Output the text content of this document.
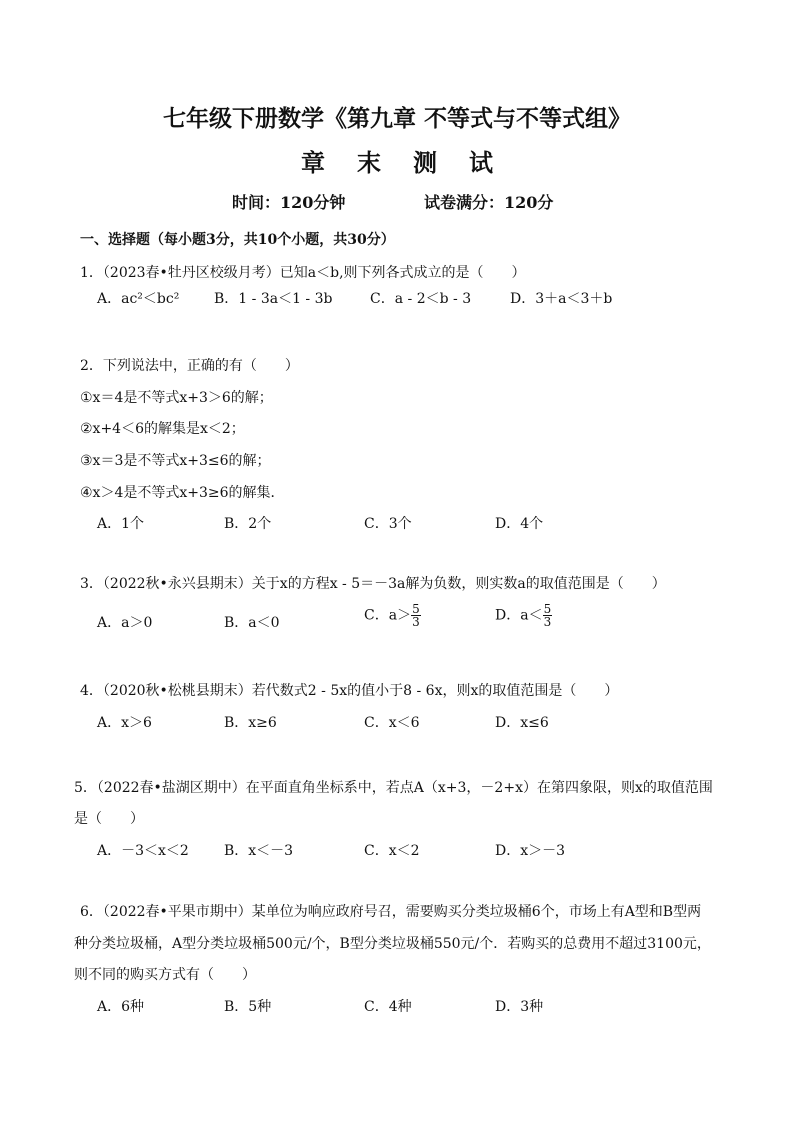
七年级下册数学《第九章 不等式与不等式组》
章末测试
时间：120分钟	试卷满分：120分
一、选择题（每小题3分，共10个小题，共30分）
1．（2023春•牡丹区校级月考）已知a＜b,则下列各式成立的是（　　）
A．ac²＜bc² B．1 - 3a＜1 - 3b	C．a - 2＜b - 3	D．3＋a＜3＋b
2．下列说法中，正确的有（　　）
①x＝4是不等式x+3＞6的解；
②x+4＜6的解集是x＜2；
③x＝3是不等式x+3≤6的解；
④x＞4是不等式x+3≥6的解集．
A．1个	B．2个	C．3个	D．4个
3．（2022秋•永兴县期末）关于x的方程x - 5＝－3a解为负数，则实数a的取值范围是（　　）
A．a＞0	B．a＜0	C．$a> \frac{5}{3}$	D．$a< \frac{5}{3}$
4．（2020秋•松桃县期末）若代数式2 - 5x的值小于8 - 6x，则x的取值范围是（　　）
A．x＞6	B．x≥6	C．x＜6	D．x≤6
5．（2022春•盐湖区期中）在平面直角坐标系中，若点A（x+3，－2+x）在第四象限，则x的取值范围
是（　　）
A．－3＜x＜2	B．x＜－3	C．x＜2	D．x＞－3
6．（2022春•平果市期中）某单位为响应政府号召，需要购买分类垃圾桶6个，市场上有A型和B型两
种分类垃圾桶，A型分类垃圾桶500元/个，B型分类垃圾桶550元/个．若购买的总费用不超过3100元，
则不同的购买方式有（　　）
A．6种	B．5种	C．4种	D．3种
